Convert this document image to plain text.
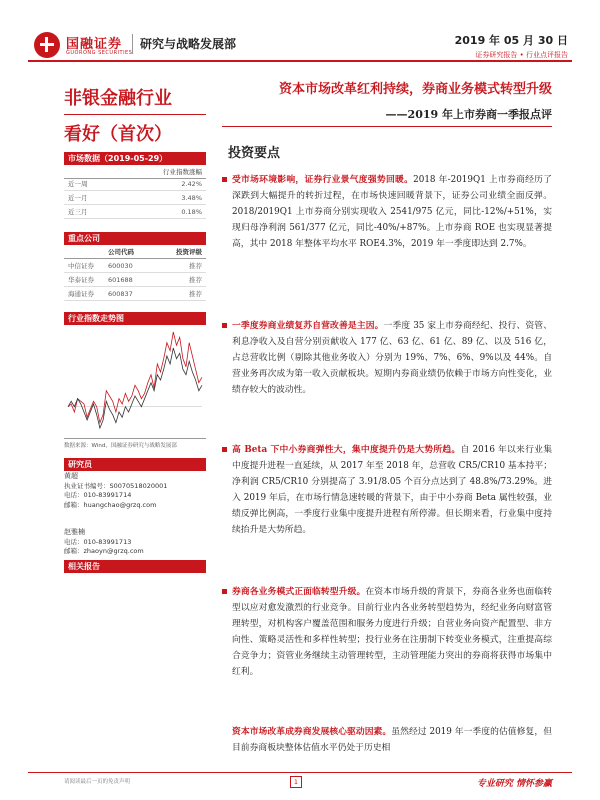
国融证券
GUORONG SECURITIES
研究与战略发展部	2019 年 05 月 30 日
证券研究报告 • 行业点评报告
非银金融行业
看好（首次）
市场数据（2019-05-29）
行业指数涨幅
近一周	2.42%
近一月	3.48%
近三月	0.18%
重点公司
公司代码	投资评级
中信证券 600030	推荐
华泰证券 601688	推荐
海通证券 600837	推荐
行业指数走势图
数据来源：Wind，国融证券研究与战略发展部
研究员
黄超
执业证书编号：S0070518020001
电话：010-83991714
邮箱：huangchao@grzq.com
赵雅楠
电话：010-83991713
邮箱：zhaoyn@grzq.com
相关报告
资本市场改革红利持续，券商业务模式转型升级
——2019 年上市券商一季报点评
投资要点
受市场环境影响，证券行业景气度强势回暖。2018 年-2019Q1 上市券商经历了深跌到大幅提升的转折过程，在市场快速回暖背景下，证券公司业绩全面反弹。2018/2019Q1 上市券商分别实现收入 2541/975 亿元，同比-12%/+51%，实现归母净利润 561/377 亿元，同比-40%/+87%。上市券商 ROE 也实现显著提高，其中 2018 年整体平均水平 ROE4.3%，2019 年一季度即达到 2.7%。
一季度券商业绩复苏自营改善是主因。一季度 35 家上市券商经纪、投行、资管、利息净收入及自营分别贡献收入 177 亿、63 亿、61 亿、89 亿、以及 516 亿，占总营收比例（剔除其他业务收入）分别为 19%、7%、6%、9%以及 44%。自营业务再次成为第一收入贡献板块。短期内券商业绩仍依赖于市场方向性变化，业绩存较大的波动性。
高 Beta 下中小券商弹性大，集中度提升仍是大势所趋。自 2016 年以来行业集中度提升进程一直延续，从 2017 年至 2018 年，总营收 CR5/CR10 基本持平；净利润 CR5/CR10 分别提高了 3.91/8.05 个百分点达到了 48.8%/73.29%。进入 2019 年后，在市场行情急速转暖的背景下，由于中小券商 Beta 属性较强，业绩反弹比例高，一季度行业集中度提升进程有所停滞。但长期来看，行业集中度持续抬升是大势所趋。
券商各业务模式正面临转型升级。在资本市场升级的背景下，券商各业务也面临转型以应对愈发激烈的行业竞争。目前行业内各业务转型趋势为，经纪业务向财富管理转型，对机构客户覆盖范围和服务力度进行升级；自营业务向资产配置型、非方向性、策略灵活性和多样性转型；投行业务在注册制下转变业务模式，注重提高综合竞争力；资管业务继续主动管理转型，主动管理能力突出的券商将获得市场集中红利。
资本市场改革成券商发展核心驱动因素。虽然经过 2019 年一季度的估值修复，但目前券商板块整体估值水平仍处于历史相
请阅读最后一页的免责声明	1	专业研究 情怀参赢
